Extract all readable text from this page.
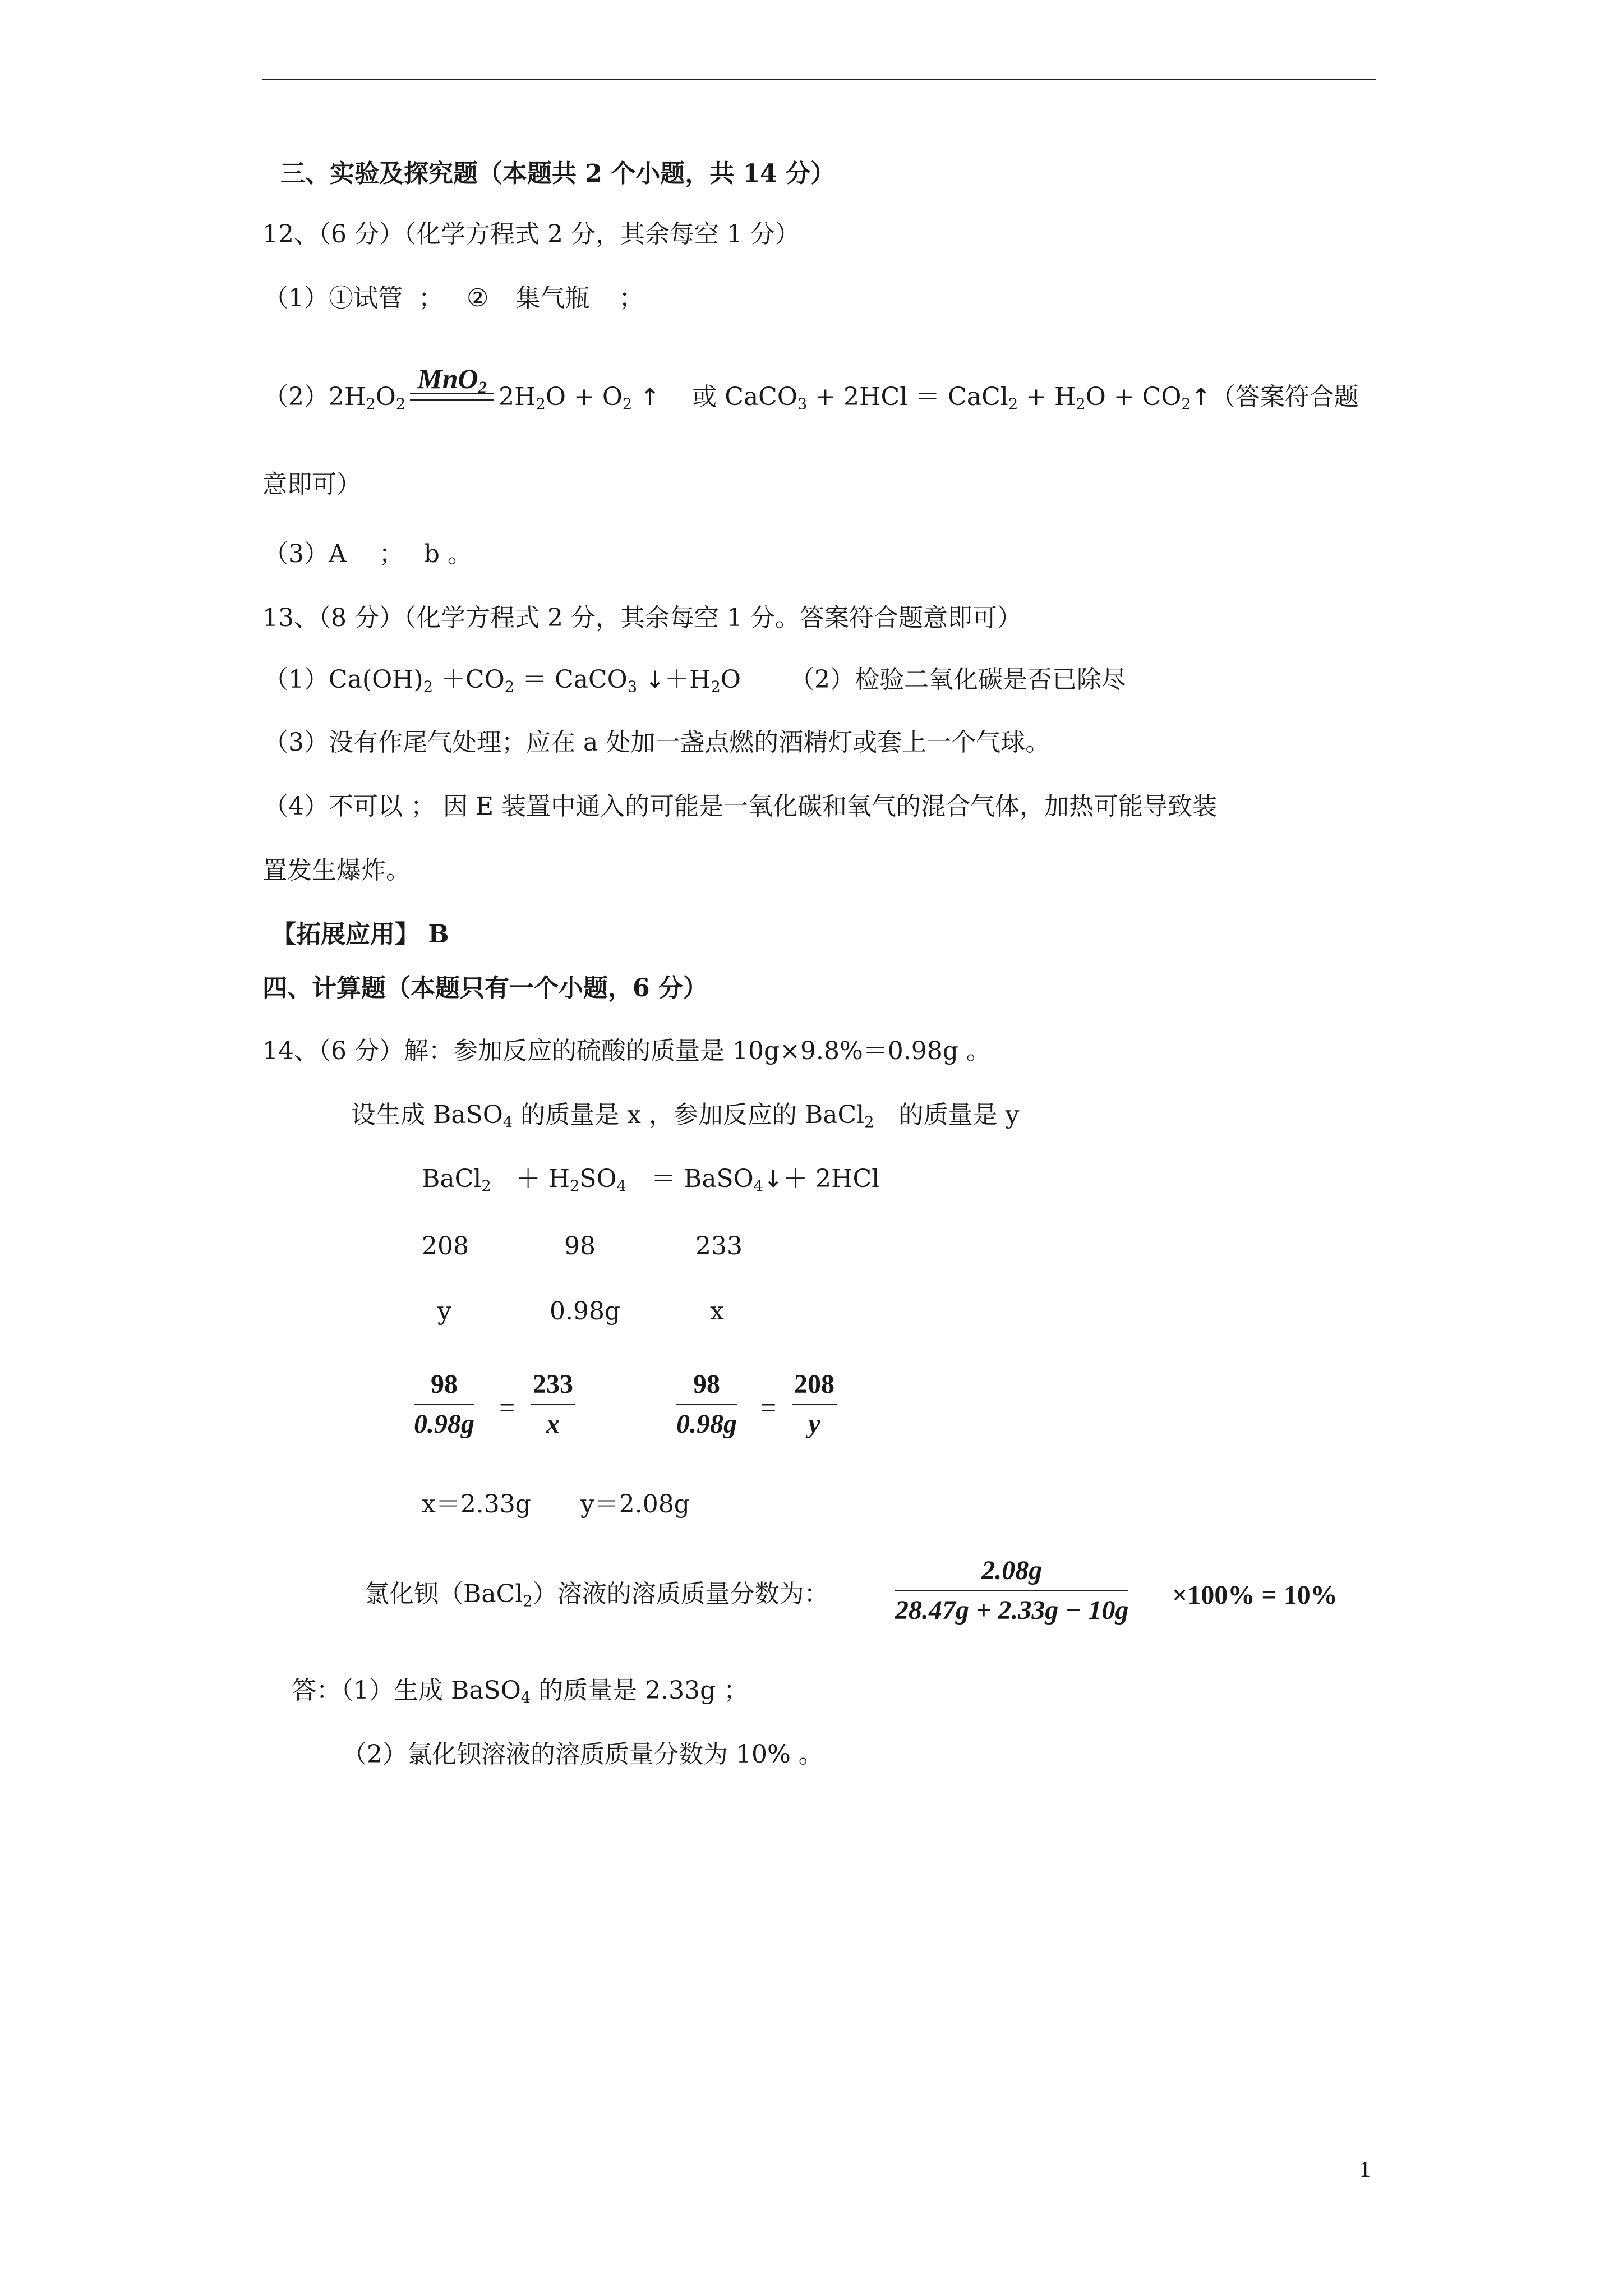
三、实验及探究题（本题共 2 个小题，共 14 分）
12、（6 分）（化学方程式 2 分，其余每空 1 分）
（1）①试管 ； ② 集气瓶 ；
$(2)2H_2O_2$
MnO$_2$ $2H_2O + O_2$ ↑　 或 CaCO$_3$ + 2HCl ＝ CaCl$_2$ + $H_2O$ + $CO_2↑$（答案符合题
意即可）
（3）A　 ；　 b 。
13、（8 分）（化学方程式 2 分，其余每空 1 分。答案符合题意即可）
$(1)Ca(OH)_2 +CO_2$ ＝ CaCO$_3$ $↓+H_2O$ （2）检验二氧化碳是否已除尽
（3）没有作尾气处理；应在 a 处加一盏点燃的酒精灯或套上一个气球。
（4）不可以 ； 因 E 装置中通入的可能是一氧化碳和氧气的混合气体，加热可能导致装
置发生爆炸。
【拓展应用】 B
四、计算题（本题只有一个小题，6 分）
14、（6 分）解：参加反应的硫酸的质量是 10g×9.8%＝0.98g 。
设生成 BaSO$_4$ 的质量是 x ，参加反应的 BaCl$_2$　的质量是 y
BaCl$_2$　＋ $H_2SO_4$　＝ BaSO$_4$↓＋ 2HCl
208	98	233
y	0.98g	x
98
0.98g
=
233
x
98
0.98g
=
208
y
x＝2.33g　　y＝2.08g
氯化钡（BaCl$_2$）溶液的溶质质量分数为：
2.08g
28.47g + 2.33g − 10g
×100% = 10%
答：（1）生成 BaSO$_4$ 的质量是 2.33g ；
（2）氯化钡溶液的溶质质量分数为 10% 。
1
